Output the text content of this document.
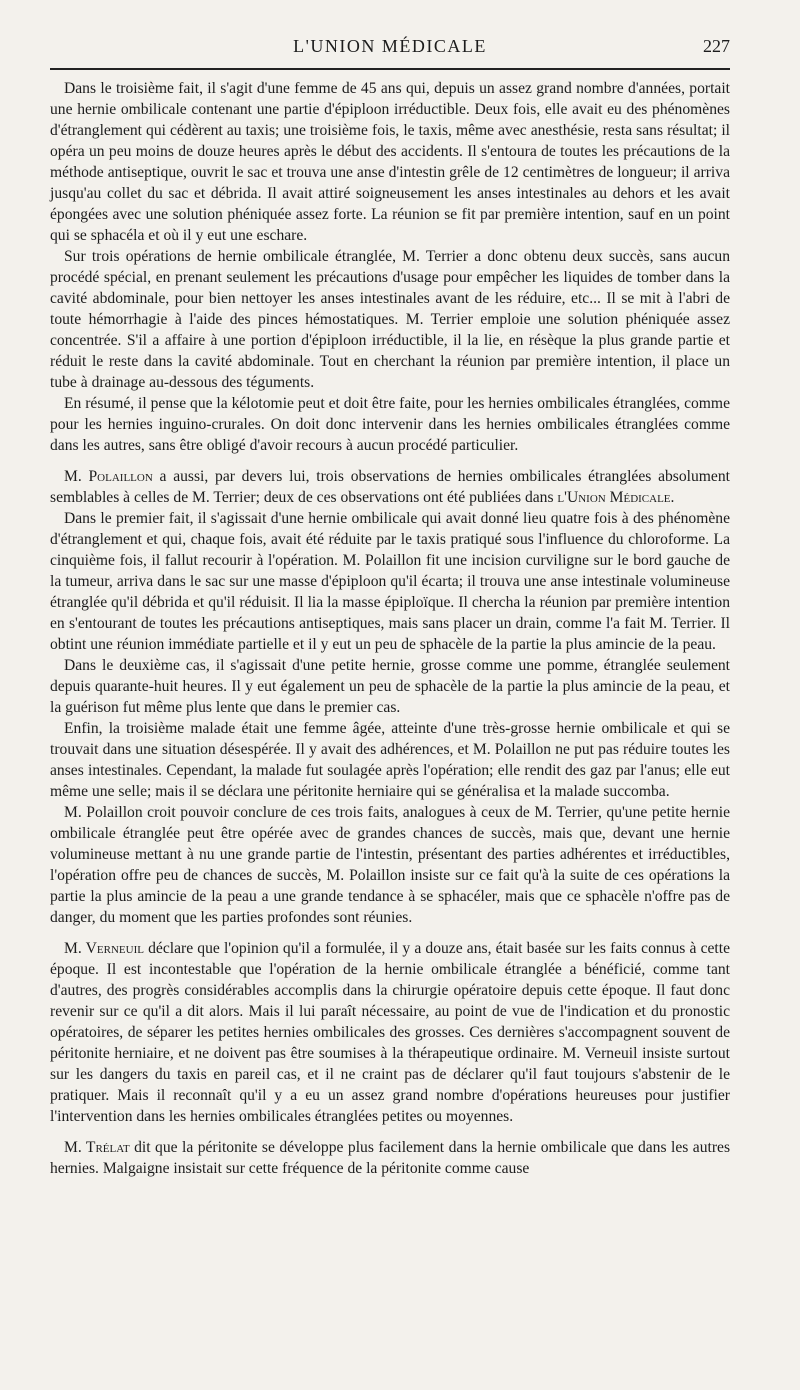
L'UNION MÉDICALE	227

Dans le troisième fait, il s'agit d'une femme de 45 ans qui, depuis un assez grand nombre d'années, portait une hernie ombilicale contenant une partie d'épiploon irréductible. Deux fois, elle avait eu des phénomènes d'étranglement qui cédèrent au taxis; une troisième fois, le taxis, même avec anesthésie, resta sans résultat; il opéra un peu moins de douze heures après le début des accidents. Il s'entoura de toutes les précautions de la méthode antiseptique, ouvrit le sac et trouva une anse d'intestin grêle de 12 centimètres de longueur; il arriva jusqu'au collet du sac et débrida. Il avait attiré soigneusement les anses intestinales au dehors et les avait épongées avec une solution phéniquée assez forte. La réunion se fit par première intention, sauf en un point qui se sphacéla et où il y eut une eschare.

Sur trois opérations de hernie ombilicale étranglée, M. Terrier a donc obtenu deux succès, sans aucun procédé spécial, en prenant seulement les précautions d'usage pour empêcher les liquides de tomber dans la cavité abdominale, pour bien nettoyer les anses intestinales avant de les réduire, etc... Il se mit à l'abri de toute hémorrhagie à l'aide des pinces hémostatiques. M. Terrier emploie une solution phéniquée assez concentrée. S'il a affaire à une portion d'épiploon irréductible, il la lie, en résèque la plus grande partie et réduit le reste dans la cavité abdominale. Tout en cherchant la réunion par première intention, il place un tube à drainage au-dessous des téguments.

En résumé, il pense que la kélotomie peut et doit être faite, pour les hernies ombilicales étranglées, comme pour les hernies inguino-crurales. On doit donc intervenir dans les hernies ombilicales étranglées comme dans les autres, sans être obligé d'avoir recours à aucun procédé particulier.

M. Polaillon a aussi, par devers lui, trois observations de hernies ombilicales étranglées absolument semblables à celles de M. Terrier; deux de ces observations ont été publiées dans l'Union Médicale.

Dans le premier fait, il s'agissait d'une hernie ombilicale qui avait donné lieu quatre fois à des phénomène d'étranglement et qui, chaque fois, avait été réduite par le taxis pratiqué sous l'influence du chloroforme. La cinquième fois, il fallut recourir à l'opération. M. Polaillon fit une incision curviligne sur le bord gauche de la tumeur, arriva dans le sac sur une masse d'épiploon qu'il écarta; il trouva une anse intestinale volumineuse étranglée qu'il débrida et qu'il réduisit. Il lia la masse épiploïque. Il chercha la réunion par première intention en s'entourant de toutes les précautions antiseptiques, mais sans placer un drain, comme l'a fait M. Terrier. Il obtint une réunion immédiate partielle et il y eut un peu de sphacèle de la partie la plus amincie de la peau.

Dans le deuxième cas, il s'agissait d'une petite hernie, grosse comme une pomme, étranglée seulement depuis quarante-huit heures. Il y eut également un peu de sphacèle de la partie la plus amincie de la peau, et la guérison fut même plus lente que dans le premier cas.

Enfin, la troisième malade était une femme âgée, atteinte d'une très-grosse hernie ombilicale et qui se trouvait dans une situation désespérée. Il y avait des adhérences, et M. Polaillon ne put pas réduire toutes les anses intestinales. Cependant, la malade fut soulagée après l'opération; elle rendit des gaz par l'anus; elle eut même une selle; mais il se déclara une péritonite herniaire qui se généralisa et la malade succomba.

M. Polaillon croit pouvoir conclure de ces trois faits, analogues à ceux de M. Terrier, qu'une petite hernie ombilicale étranglée peut être opérée avec de grandes chances de succès, mais que, devant une hernie volumineuse mettant à nu une grande partie de l'intestin, présentant des parties adhérentes et irréductibles, l'opération offre peu de chances de succès, M. Polaillon insiste sur ce fait qu'à la suite de ces opérations la partie la plus amincie de la peau a une grande tendance à se sphacéler, mais que ce sphacèle n'offre pas de danger, du moment que les parties profondes sont réunies.

M. Verneuil déclare que l'opinion qu'il a formulée, il y a douze ans, était basée sur les faits connus à cette époque. Il est incontestable que l'opération de la hernie ombilicale étranglée a bénéficié, comme tant d'autres, des progrès considérables accomplis dans la chirurgie opératoire depuis cette époque. Il faut donc revenir sur ce qu'il a dit alors. Mais il lui paraît nécessaire, au point de vue de l'indication et du pronostic opératoires, de séparer les petites hernies ombilicales des grosses. Ces dernières s'accompagnent souvent de péritonite herniaire, et ne doivent pas être soumises à la thérapeutique ordinaire. M. Verneuil insiste surtout sur les dangers du taxis en pareil cas, et il ne craint pas de déclarer qu'il faut toujours s'abstenir de le pratiquer. Mais il reconnaît qu'il y a eu un assez grand nombre d'opérations heureuses pour justifier l'intervention dans les hernies ombilicales étranglées petites ou moyennes.

M. Trélat dit que la péritonite se développe plus facilement dans la hernie ombilicale que dans les autres hernies. Malgaigne insistait sur cette fréquence de la péritonite comme cause
